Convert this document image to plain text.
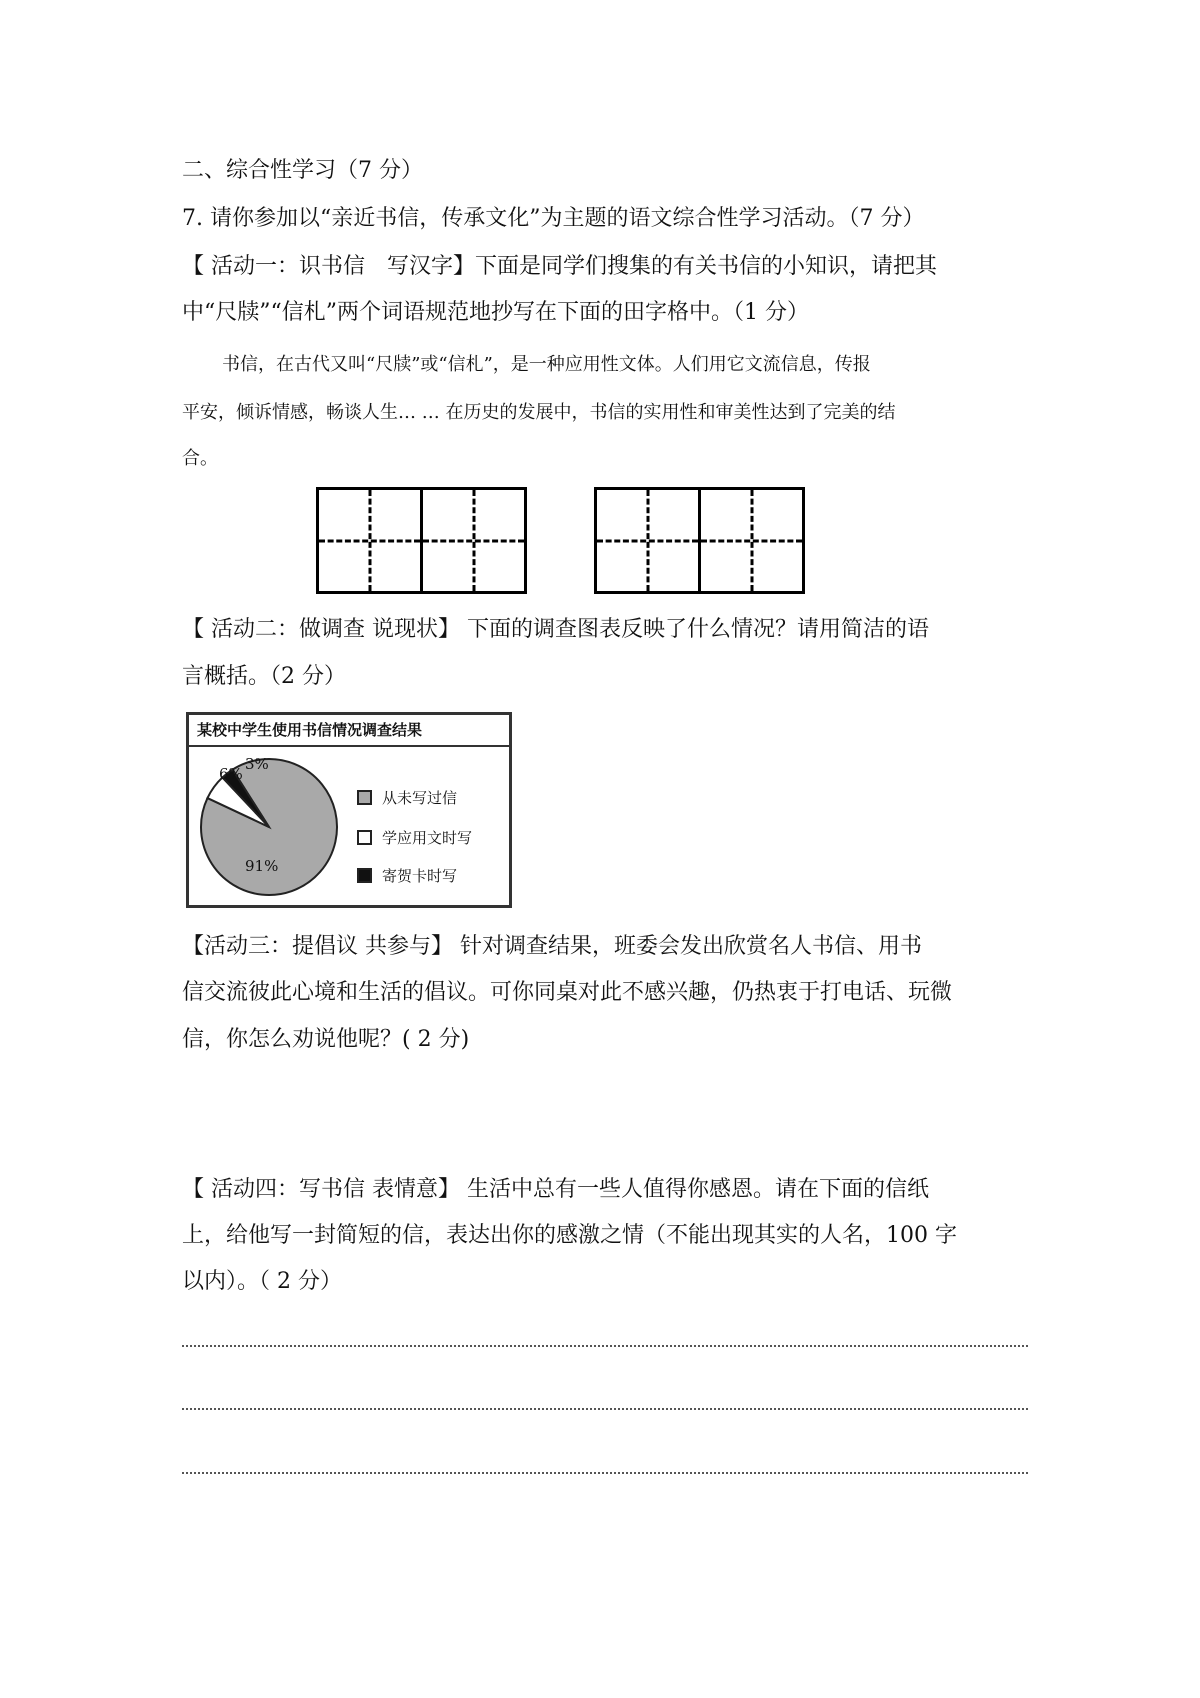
二、综合性学习（7 分）
7. 请你参加以“亲近书信，传承文化”为主题的语文综合性学习活动。（7 分）
【 活动一：识书信　写汉字】下面是同学们搜集的有关书信的小知识，请把其
中“尺牍”“信札”两个词语规范地抄写在下面的田字格中。（1 分）
书信，在古代又叫“尺牍”或“信札”，是一种应用性文体。人们用它文流信息，传报
平安，倾诉情感，畅谈人生… … 在历史的发展中，书信的实用性和审美性达到了完美的结
合。
【 活动二：做调查 说现状】 下面的调查图表反映了什么情况？请用简洁的语
言概括。（2 分）
某校中学生使用书信情况调查结果
91%
6%
3%
从未写过信
学应用文时写
寄贺卡时写
【活动三：提倡议 共参与】 针对调查结果，班委会发出欣赏名人书信、用书
信交流彼此心境和生活的倡议。可你同桌对此不感兴趣，仍热衷于打电话、玩微
信，你怎么劝说他呢？( 2 分)
【 活动四：写书信 表情意】 生活中总有一些人值得你感恩。请在下面的信纸
上，给他写一封简短的信，表达出你的感激之情（不能出现其实的人名，100 字
以内）。（ 2 分）
